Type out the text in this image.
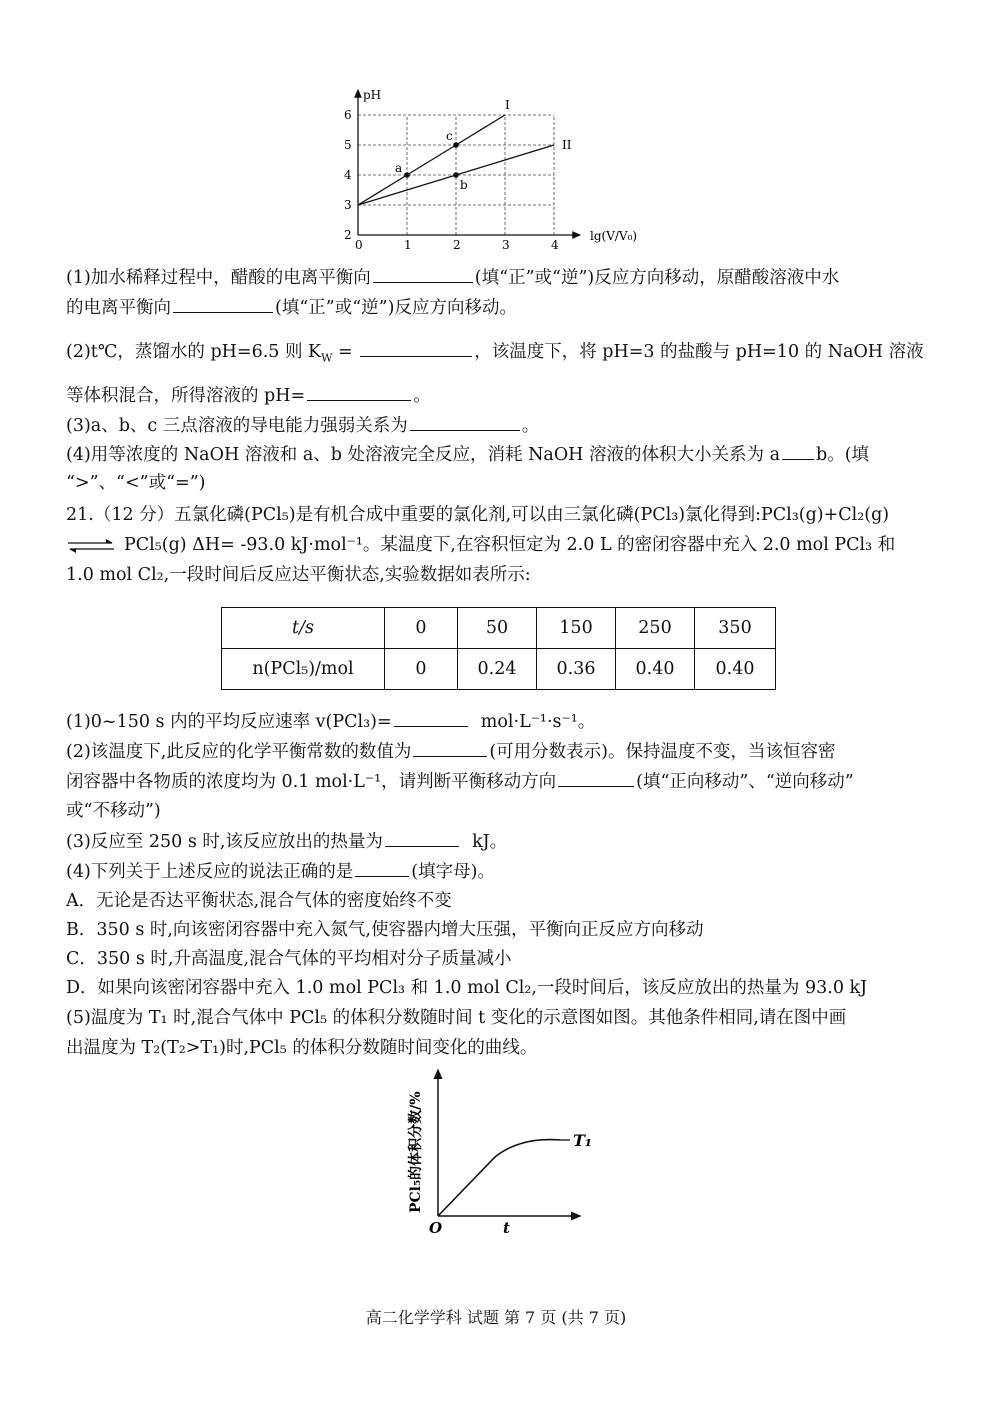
pH
lg(V/V₀)
0	1	2	3	4
2
3
4
5
6
I
II
a
b
c
(1)加水稀释过程中，醋酸的电离平衡向	(填“正”或“逆”)反应方向移动，原醋酸溶液中水
的电离平衡向	(填“正”或“逆”)反应方向移动。
(2)t℃，蒸馏水的 pH=6.5 则 $K_W$ =	，该温度下，将 pH=3 的盐酸与 pH=10 的 NaOH 溶液
等体积混合，所得溶液的 pH=	。
(3)a、b、c 三点溶液的导电能力强弱关系为	。
(4)用等浓度的 NaOH 溶液和 a、b 处溶液完全反应，消耗 NaOH 溶液的体积大小关系为 a b。(填
“>”、“<”或“=”)
21.（12 分）五氯化磷(PCl₅)是有机合成中重要的氯化剂,可以由三氯化磷(PCl₃)氯化得到:PCl₃(g)+Cl₂(g)
⇌ PCl₅(g) ΔH= -93.0 kJ·mol⁻¹。某温度下,在容积恒定为 2.0 L 的密闭容器中充入 2.0 mol PCl₃ 和
1.0 mol Cl₂,一段时间后反应达平衡状态,实验数据如表所示:
t/s	0	50	150	250	350
n(PCl₅)/mol	0	0.24	0.36	0.40	0.40
(1)0~150 s 内的平均反应速率 v(PCl₃)=	mol·L⁻¹·s⁻¹。
(2)该温度下,此反应的化学平衡常数的数值为	(可用分数表示)。保持温度不变，当该恒容密
闭容器中各物质的浓度均为 0.1 mol·L⁻¹，请判断平衡移动方向	(填“正向移动”、“逆向移动”
或“不移动”)
(3)反应至 250 s 时,该反应放出的热量为	kJ。
(4)下列关于上述反应的说法正确的是	(填字母)。
A．无论是否达平衡状态,混合气体的密度始终不变
B．350 s 时,向该密闭容器中充入氮气,使容器内增大压强，平衡向正反应方向移动
C．350 s 时,升高温度,混合气体的平均相对分子质量减小
D．如果向该密闭容器中充入 1.0 mol PCl₃ 和 1.0 mol Cl₂,一段时间后，该反应放出的热量为 93.0 kJ
(5)温度为 T₁ 时,混合气体中 PCl₅ 的体积分数随时间 t 变化的示意图如图。其他条件相同,请在图中画
出温度为 T₂(T₂>T₁)时,PCl₅ 的体积分数随时间变化的曲线。
T₁
O	t
PCl₅的体积分数/%
高二化学学科 试题 第 7 页 (共 7 页)
